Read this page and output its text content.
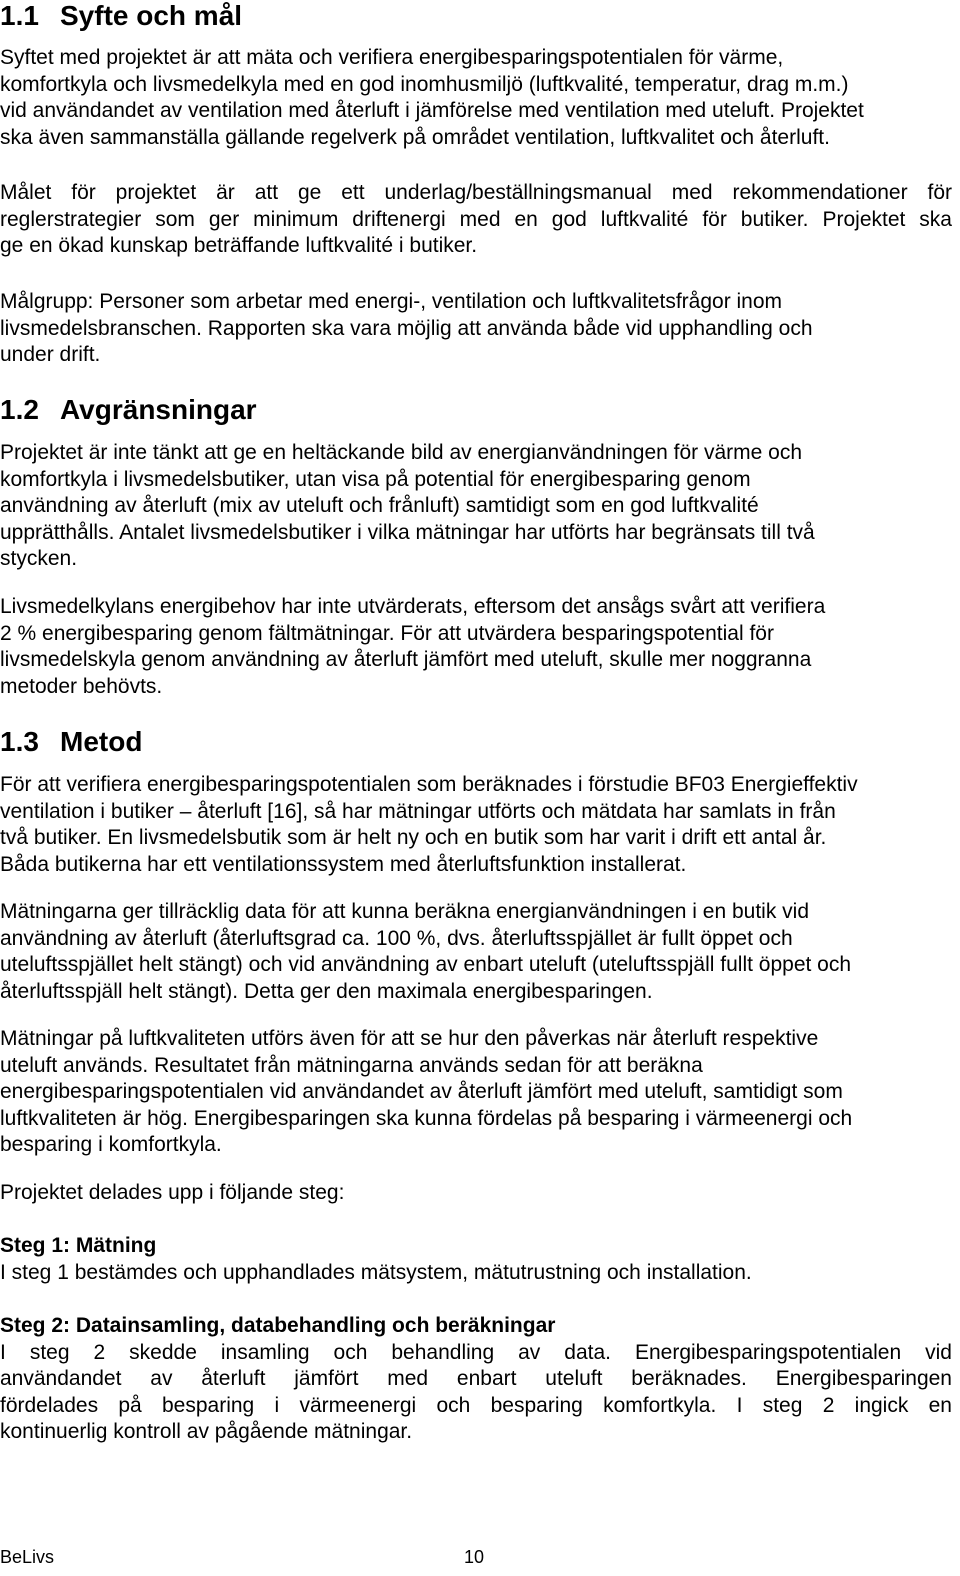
1.1 Syfte och mål
Syftet med projektet är att mäta och verifiera energibesparingspotentialen för värme,
komfortkyla och livsmedelkyla med en god inomhusmiljö (luftkvalité, temperatur, drag m.m.)
vid användandet av ventilation med återluft i jämförelse med ventilation med uteluft. Projektet
ska även sammanställa gällande regelverk på området ventilation, luftkvalitet och återluft.
Målet för projektet är att ge ett underlag/beställningsmanual med rekommendationer för
reglerstrategier som ger minimum driftenergi med en god luftkvalité för butiker. Projektet ska
ge en ökad kunskap beträffande luftkvalité i butiker.
Målgrupp: Personer som arbetar med energi-, ventilation och luftkvalitetsfrågor inom
livsmedelsbranschen. Rapporten ska vara möjlig att använda både vid upphandling och
under drift.
1.2 Avgränsningar
Projektet är inte tänkt att ge en heltäckande bild av energianvändningen för värme och
komfortkyla i livsmedelsbutiker, utan visa på potential för energibesparing genom
användning av återluft (mix av uteluft och frånluft) samtidigt som en god luftkvalité
upprätthålls. Antalet livsmedelsbutiker i vilka mätningar har utförts har begränsats till två
stycken.
Livsmedelkylans energibehov har inte utvärderats, eftersom det ansågs svårt att verifiera
2 % energibesparing genom fältmätningar. För att utvärdera besparingspotential för
livsmedelskyla genom användning av återluft jämfört med uteluft, skulle mer noggranna
metoder behövts.
1.3 Metod
För att verifiera energibesparingspotentialen som beräknades i förstudie BF03 Energieffektiv
ventilation i butiker – återluft [16], så har mätningar utförts och mätdata har samlats in från
två butiker. En livsmedelsbutik som är helt ny och en butik som har varit i drift ett antal år.
Båda butikerna har ett ventilationssystem med återluftsfunktion installerat.
Mätningarna ger tillräcklig data för att kunna beräkna energianvändningen i en butik vid
användning av återluft (återluftsgrad ca. 100 %, dvs. återluftsspjället är fullt öppet och
uteluftsspjället helt stängt) och vid användning av enbart uteluft (uteluftsspjäll fullt öppet och
återluftsspjäll helt stängt). Detta ger den maximala energibesparingen.
Mätningar på luftkvaliteten utförs även för att se hur den påverkas när återluft respektive
uteluft används. Resultatet från mätningarna används sedan för att beräkna
energibesparingspotentialen vid användandet av återluft jämfört med uteluft, samtidigt som
luftkvaliteten är hög. Energibesparingen ska kunna fördelas på besparing i värmeenergi och
besparing i komfortkyla.
Projektet delades upp i följande steg:
Steg 1: Mätning
I steg 1 bestämdes och upphandlades mätsystem, mätutrustning och installation.
Steg 2: Datainsamling, databehandling och beräkningar
I steg 2 skedde insamling och behandling av data. Energibesparingspotentialen vid
användandet av återluft jämfört med enbart uteluft beräknades. Energibesparingen
fördelades på besparing i värmeenergi och besparing komfortkyla. I steg 2 ingick en
kontinuerlig kontroll av pågående mätningar.
BeLivs	10
